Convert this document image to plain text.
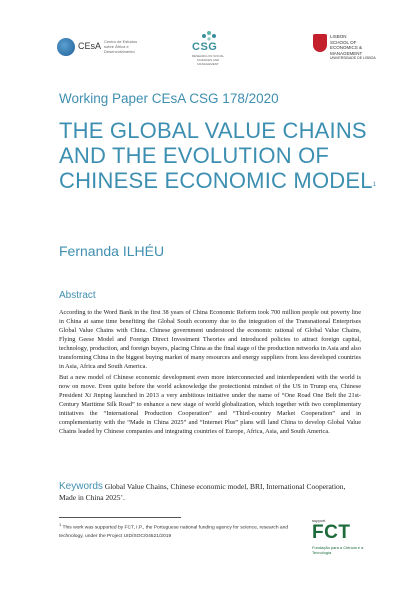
CEsA Centro de Estudos sobre África e Desenvolvimento	CSG
RESEARCH IN SOCIAL SCIENCES AND MANAGEMENT
LISBON
SCHOOL OF
ECONOMICS &
MANAGEMENT
UNIVERSIDADE DE LISBOA
Working Paper CEsA CSG 178/2020
THE GLOBAL VALUE CHAINS AND THE EVOLUTION OF CHINESE ECONOMIC MODEL$^1$
Fernanda ILHÉU
Abstract
According to the Word Bank in the first 38 years of China Economic Reform took 700 million people out poverty line in China at same time benefiting the Global South economy due to the integration of the Transnational Enterprises Global Value Chains with China. Chinese government understood the economic rational of Global Value Chains, Flying Geese Model and Foreign Direct Investment Theories and introduced policies to attract foreign capital, technology, production, and foreign buyers, placing China as the final stage of the production networks in Asia and also transforming China in the biggest buying market of many resources and energy suppliers from less developed countries in Asia, Africa and South America.
But a new model of Chinese economic development even more interconnected and interdependent with the world is now on move. Even quite before the world acknowledge the protectionist mindset of the US in Trump era, Chinese President Xi Jinping launched in 2013 a very ambitious initiative under the name of “One Road One Belt the 21st-Century Maritime Silk Road” to enhance a new stage of world globalization, which together with two complimentary initiatives the “International Production Cooperation” and “Third-country Market Cooperation” and in complementarity with the “Made in China 2025” and “Internet Plus” plans will land China to develop Global Value Chains leaded by Chinese companies and integrating countries of Europe, Africa, Asia, and South America.
Keywords Global Value Chains, Chinese economic model, BRI, International Cooperation, Made in China 2025’.
$^1$ This work was supported by FCT, I.P., the Portuguese national funding agency for science, research and technology, under the Project UID/SOC/04521/2019
support
FCT
Fundação para a Ciência e a Tecnologia
